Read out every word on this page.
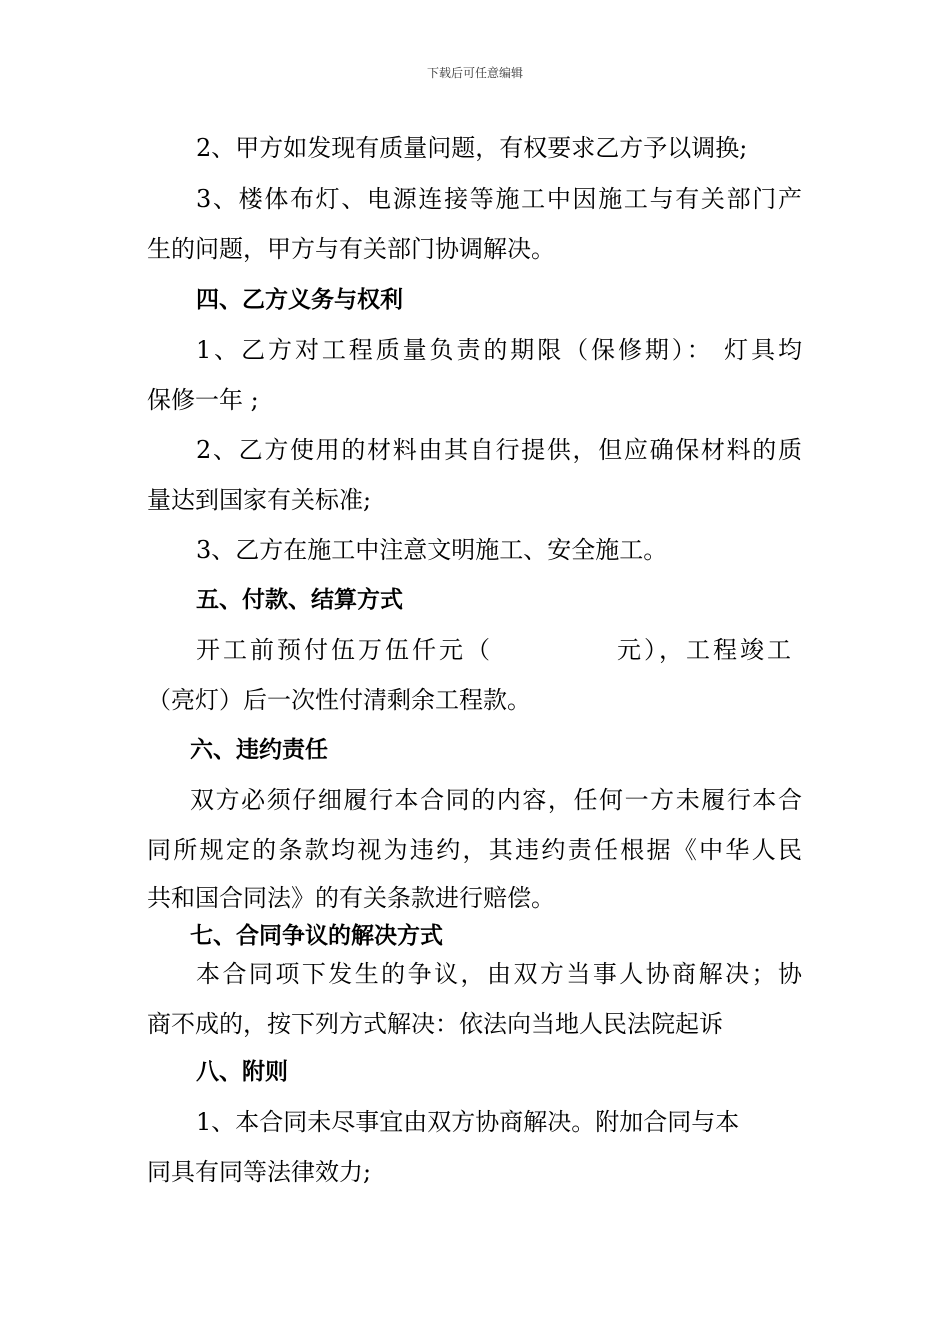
下载后可任意编辑
2、甲方如发现有质量问题，有权要求乙方予以调换;
3、楼体布灯、电源连接等施工中因施工与有关部门产
生的问题，甲方与有关部门协调解决。
四、乙方义务与权利
1、乙方对工程质量负责的期限（保修期）： 灯具均
保修一年 ;
2、乙方使用的材料由其自行提供，但应确保材料的质
量达到国家有关标准;
3、乙方在施工中注意文明施工、安全施工。
五、付款、结算方式
开工前预付伍万伍仟元（	元），工程竣工
（亮灯）后一次性付清剩余工程款。
六、违约责任
双方必须仔细履行本合同的内容，任何一方未履行本合
同所规定的条款均视为违约，其违约责任根据《中华人民
共和国合同法》的有关条款进行赔偿。
七、合同争议的解决方式
本合同项下发生的争议，由双方当事人协商解决；协
商不成的，按下列方式解决：依法向当地人民法院起诉
八、附则
1、本合同未尽事宜由双方协商解决。附加合同与本
同具有同等法律效力;
